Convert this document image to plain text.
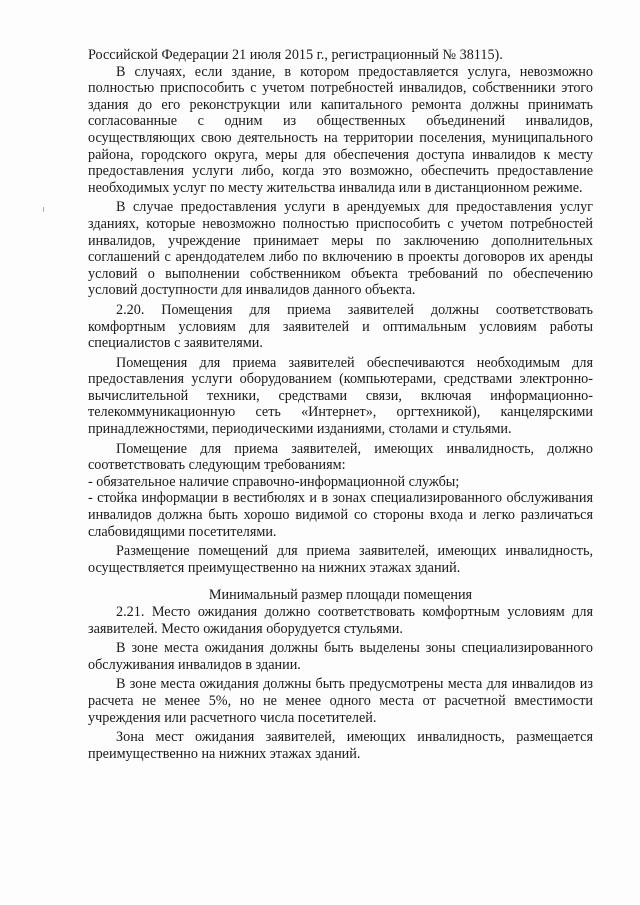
Российской Федерации 21 июля 2015 г., регистрационный № 38115).

В случаях, если здание, в котором предоставляется услуга, невозможно полностью приспособить с учетом потребностей инвалидов, собственники этого здания до его реконструкции или капитального ремонта должны принимать согласованные с одним из общественных объединений инвалидов, осуществляющих свою деятельность на территории поселения, муниципального района, городского округа, меры для обеспечения доступа инвалидов к месту предоставления услуги либо, когда это возможно, обеспечить предоставление необходимых услуг по месту жительства инвалида или в дистанционном режиме.

В случае предоставления услуги в арендуемых для предоставления услуг зданиях, которые невозможно полностью приспособить с учетом потребностей инвалидов, учреждение принимает меры по заключению дополнительных соглашений с арендодателем либо по включению в проекты договоров их аренды условий о выполнении собственником объекта требований по обеспечению условий доступности для инвалидов данного объекта.

2.20. Помещения для приема заявителей должны соответствовать комфортным условиям для заявителей и оптимальным условиям работы специалистов с заявителями.

Помещения для приема заявителей обеспечиваются необходимым для предоставления услуги оборудованием (компьютерами, средствами электронно-вычислительной техники, средствами связи, включая информационно-телекоммуникационную сеть «Интернет», оргтехникой), канцелярскими принадлежностями, периодическими изданиями, столами и стульями.

Помещение для приема заявителей, имеющих инвалидность, должно соответствовать следующим требованиям:

- обязательное наличие справочно-информационной службы;

- стойка информации в вестибюлях и в зонах специализированного обслуживания инвалидов должна быть хорошо видимой со стороны входа и легко различаться слабовидящими посетителями.

Размещение помещений для приема заявителей, имеющих инвалидность, осуществляется преимущественно на нижних этажах зданий.

Минимальный размер площади помещения

2.21. Место ожидания должно соответствовать комфортным условиям для заявителей. Место ожидания оборудуется стульями.

В зоне места ожидания должны быть выделены зоны специализированного обслуживания инвалидов в здании.

В зоне места ожидания должны быть предусмотрены места для инвалидов из расчета не менее 5%, но не менее одного места от расчетной вместимости учреждения или расчетного числа посетителей.

Зона мест ожидания заявителей, имеющих инвалидность, размещается преимущественно на нижних этажах зданий.
